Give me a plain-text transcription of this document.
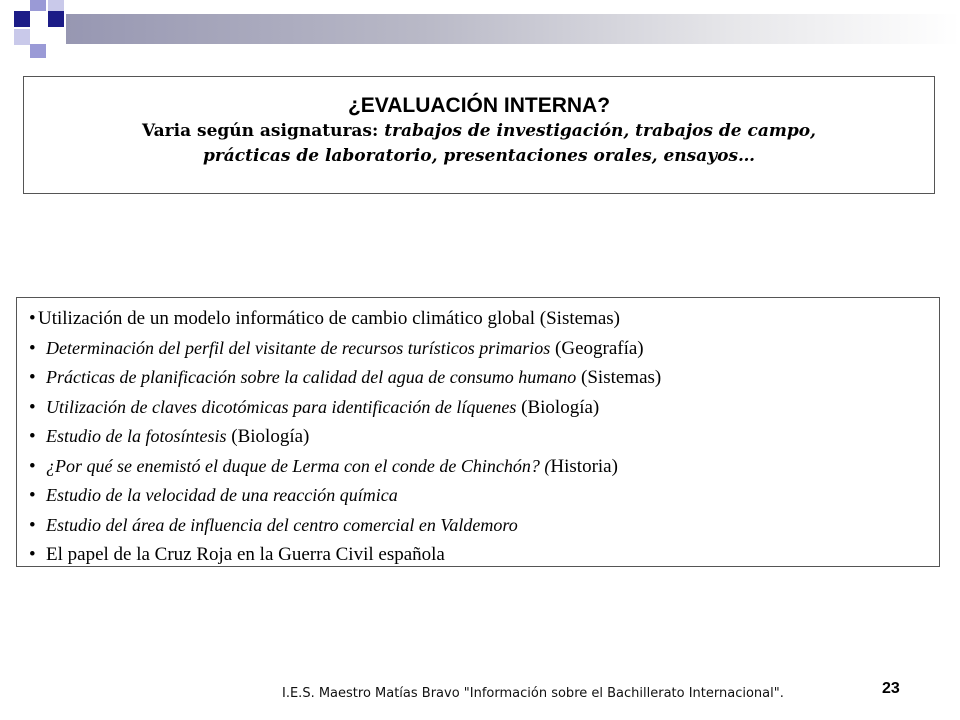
¿EVALUACIÓN INTERNA?
Varia según asignaturas: trabajos de investigación, trabajos de campo,
prácticas de laboratorio, presentaciones orales, ensayos…
• Utilización de un modelo informático de cambio climático global (Sistemas)
• Determinación del perfil del visitante de recursos turísticos primarios (Geografía)
• Prácticas de planificación sobre la calidad del agua de consumo humano (Sistemas)
• Utilización de claves dicotómicas para identificación de líquenes (Biología)
• Estudio de la fotosíntesis (Biología)
• ¿Por qué se enemistó el duque de Lerma con el conde de Chinchón? (Historia)
• Estudio de la velocidad de una reacción química
• Estudio del área de influencia del centro comercial en Valdemoro
• El papel de la Cruz Roja en la Guerra Civil española
I.E.S. Maestro Matías Bravo "Información sobre el Bachillerato Internacional".	23
